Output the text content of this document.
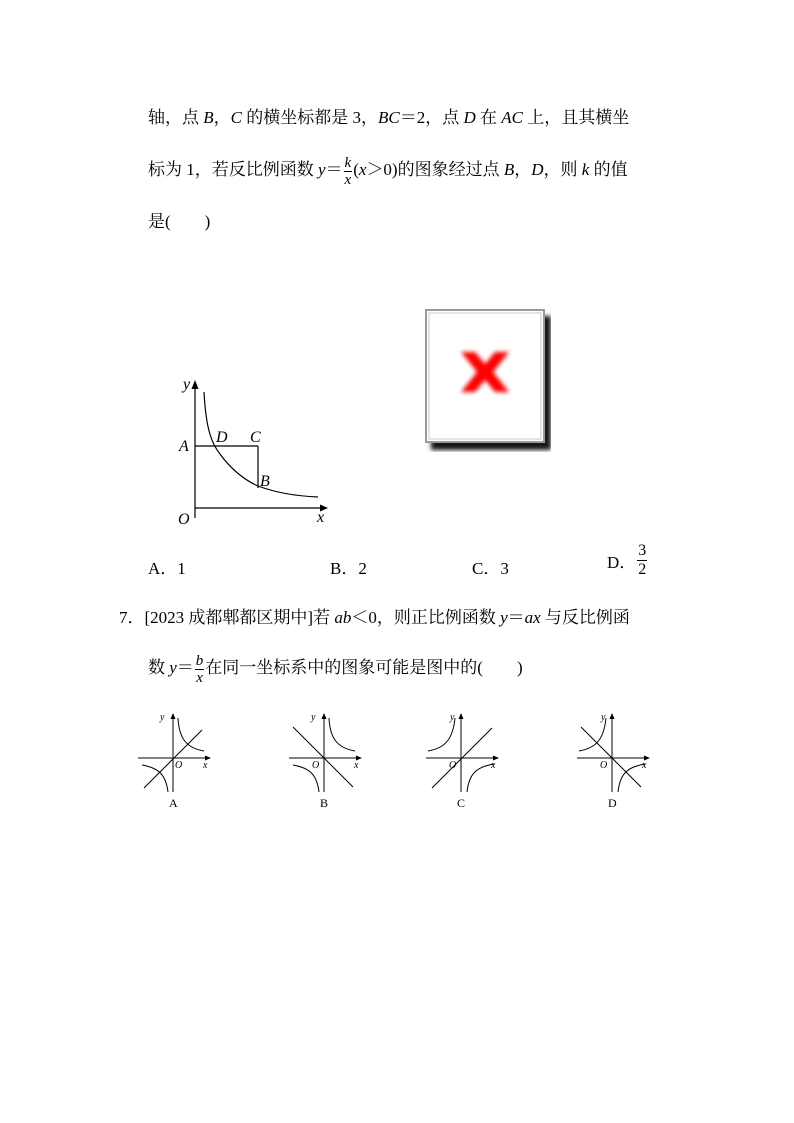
轴，点 B，C 的横坐标都是 3，BC＝2，点 D 在 AC 上，且其横坐
标为 1，若反比例函数 $y= \frac{k}{x} (x>0)$的图象经过点 B，D，则 k 的值
是(　　)
y
x
O
A
D C
B
A．1	B．2	C．3	D． $\frac{3}{2}$
7．[2023 成都郫都区期中]若 ab＜0，则正比例函数 y＝ax 与反比例函
数 $y= \frac{b}{x}$ 在同一坐标系中的图象可能是图中的(　　)
y
x
O
A
y
x
O
B
y
x
O
C
y
x
O
D
